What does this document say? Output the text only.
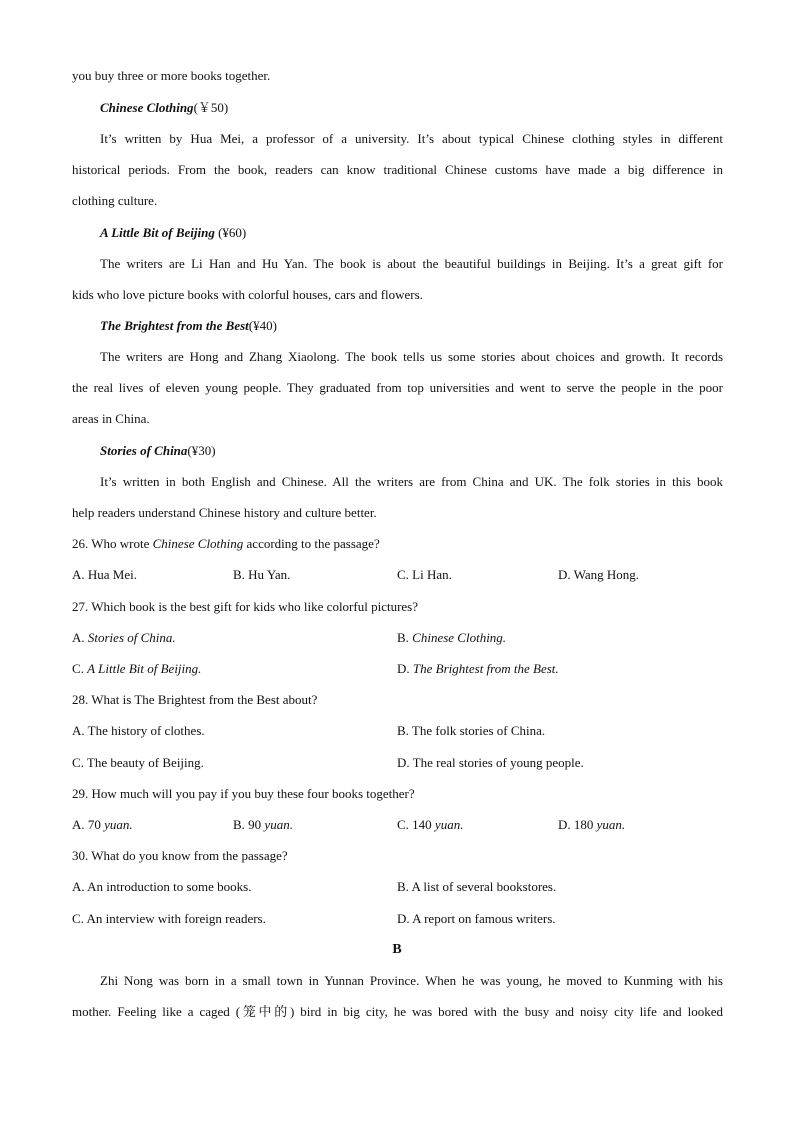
you buy three or more books together.
Chinese Clothing(￥50)
It’s written by Hua Mei, a professor of a university. It’s about typical Chinese clothing styles in different
historical periods. From the book, readers can know traditional Chinese customs have made a big difference in
clothing culture.
A Little Bit of Beijing (¥60)
The writers are Li Han and Hu Yan. The book is about the beautiful buildings in Beijing. It’s a great gift for
kids who love picture books with colorful houses, cars and flowers.
The Brightest from the Best(¥40)
The writers are Hong and Zhang Xiaolong. The book tells us some stories about choices and growth. It records
the real lives of eleven young people. They graduated from top universities and went to serve the people in the poor
areas in China.
Stories of China(¥30)
It’s written in both English and Chinese. All the writers are from China and UK. The folk stories in this book
help readers understand Chinese history and culture better.
26. Who wrote Chinese Clothing according to the passage?
A. Hua Mei.	B. Hu Yan.	C. Li Han.	D. Wang Hong.
27. Which book is the best gift for kids who like colorful pictures?
A. Stories of China.	B. Chinese Clothing.
C. A Little Bit of Beijing.	D. The Brightest from the Best.
28. What is The Brightest from the Best about?
A. The history of clothes.	B. The folk stories of China.
C. The beauty of Beijing.	D. The real stories of young people.
29. How much will you pay if you buy these four books together?
A. 70 yuan.	B. 90 yuan.	C. 140 yuan.	D. 180 yuan.
30. What do you know from the passage?
A. An introduction to some books.	B. A list of several bookstores.
C. An interview with foreign readers.	D. A report on famous writers.
B
Zhi Nong was born in a small town in Yunnan Province. When he was young, he moved to Kunming with his
mother. Feeling like a caged (笼中的) bird in big city, he was bored with the busy and noisy city life and looked
